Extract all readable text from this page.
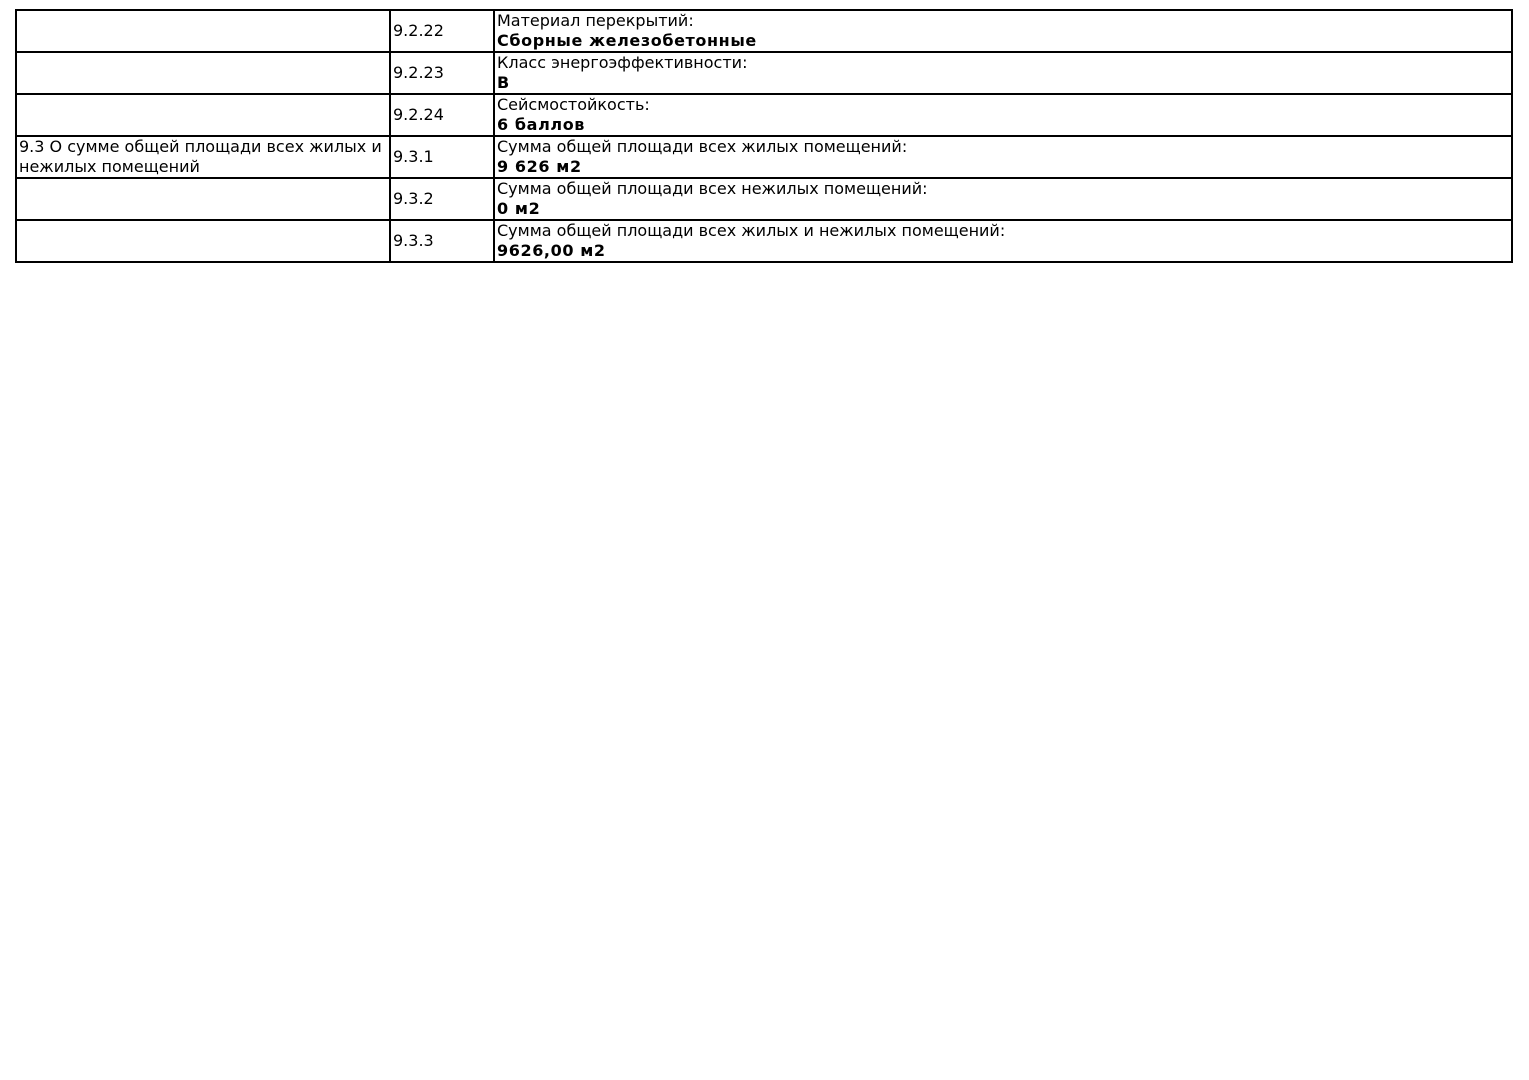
	9.2.22	Материал перекрытий:
Сборные железобетонные

	9.2.23	Класс энергоэффективности:
B

	9.2.24	Сейсмостойкость:
6 баллов

9.3 О сумме общей площади всех жилых и нежилых помещений	9.3.1	Сумма общей площади всех жилых помещений:
9 626 м2

	9.3.2	Сумма общей площади всех нежилых помещений:
0 м2

	9.3.3	Сумма общей площади всех жилых и нежилых помещений:
9626,00 м2
